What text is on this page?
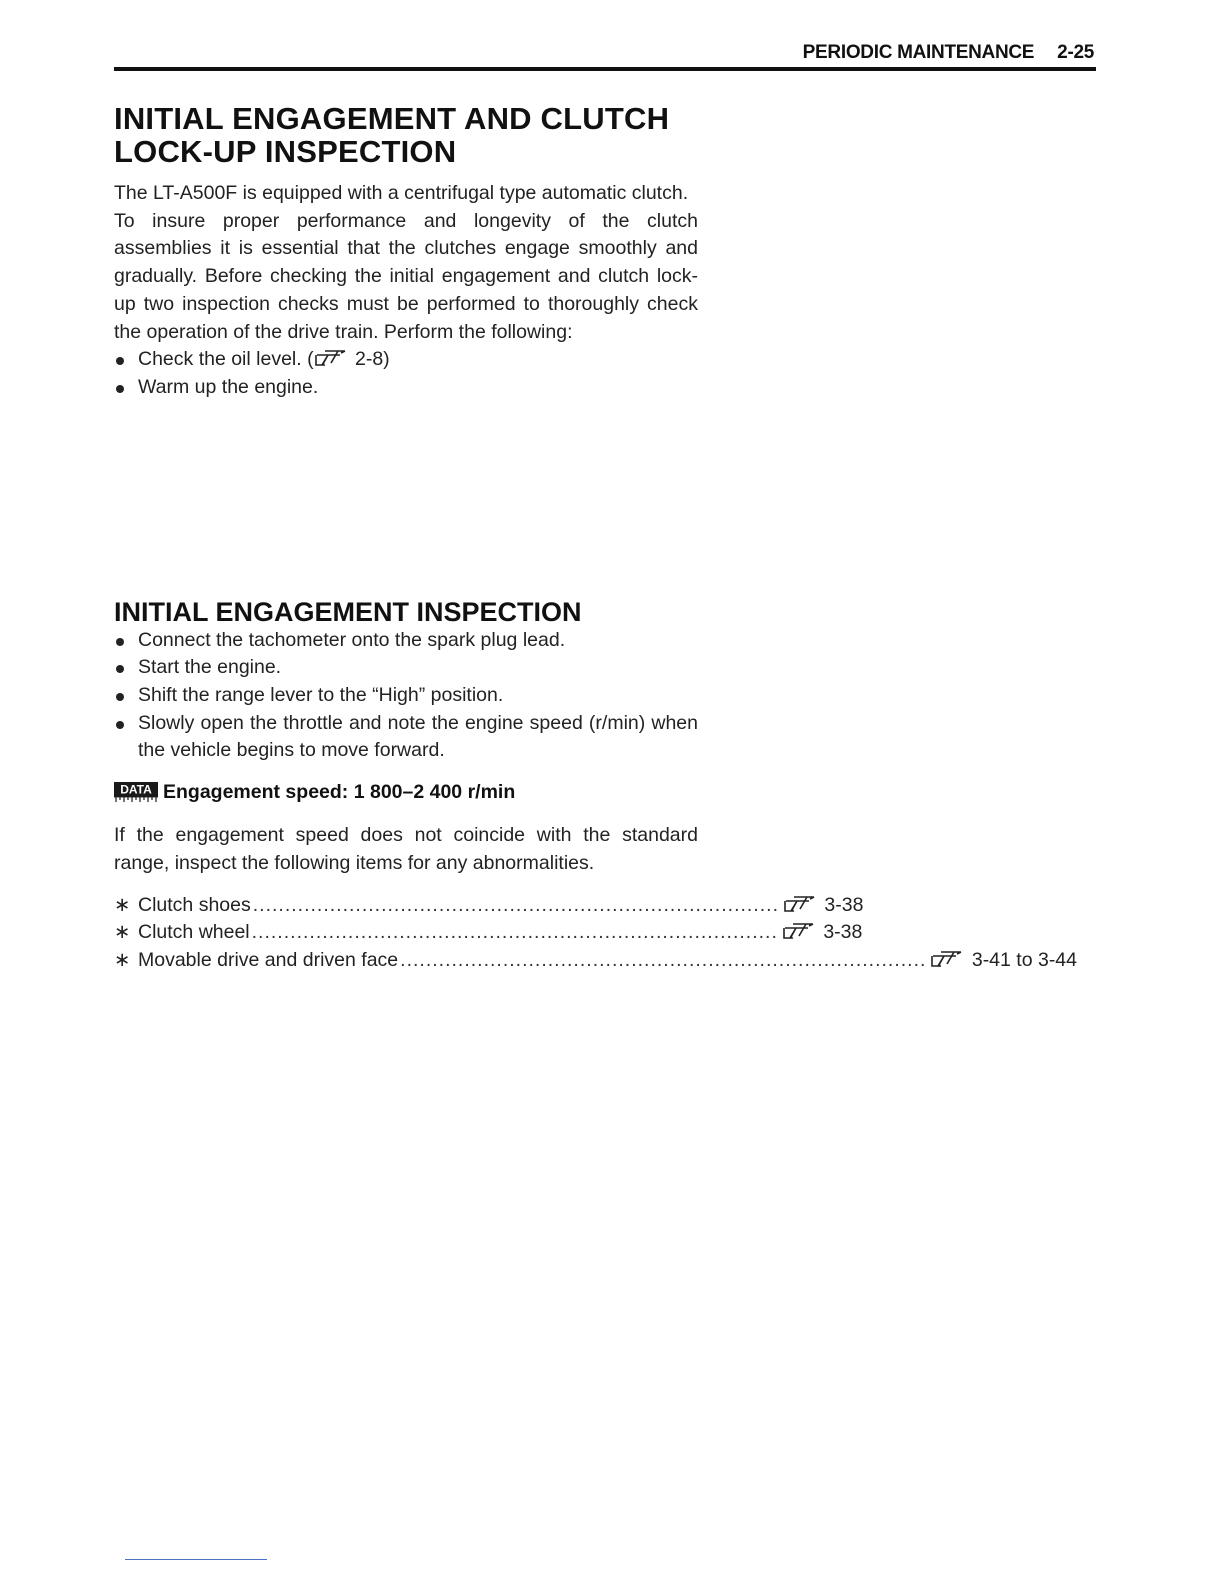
PERIODIC MAINTENANCE 2-25
INITIAL ENGAGEMENT AND CLUTCH
LOCK-UP INSPECTION

The LT-A500F is equipped with a centrifugal type automatic clutch.

To insure proper performance and longevity of the clutch assemblies it is essential that the clutches engage smoothly and gradually. Before checking the initial engagement and clutch lock-up two inspection checks must be performed to thoroughly check the operation of the drive train. Perform the following:

Check the oil level. ( 2-8)
Warm up the engine.
INITIAL ENGAGEMENT INSPECTION
Connect the tachometer onto the spark plug lead.
Start the engine.
Shift the range lever to the “High” position.
Slowly open the throttle and note the engine speed (r/min) when the vehicle begins to move forward.
DATA Engagement speed: 1 800–2 400 r/min

If the engagement speed does not coincide with the standard range, inspect the following items for any abnormalities.

∗ Clutch shoes ..................................................................................	3-38
∗ Clutch wheel ..................................................................................	3-38
∗ Movable drive and driven face ..................................................................................	3-41 to 3-44
